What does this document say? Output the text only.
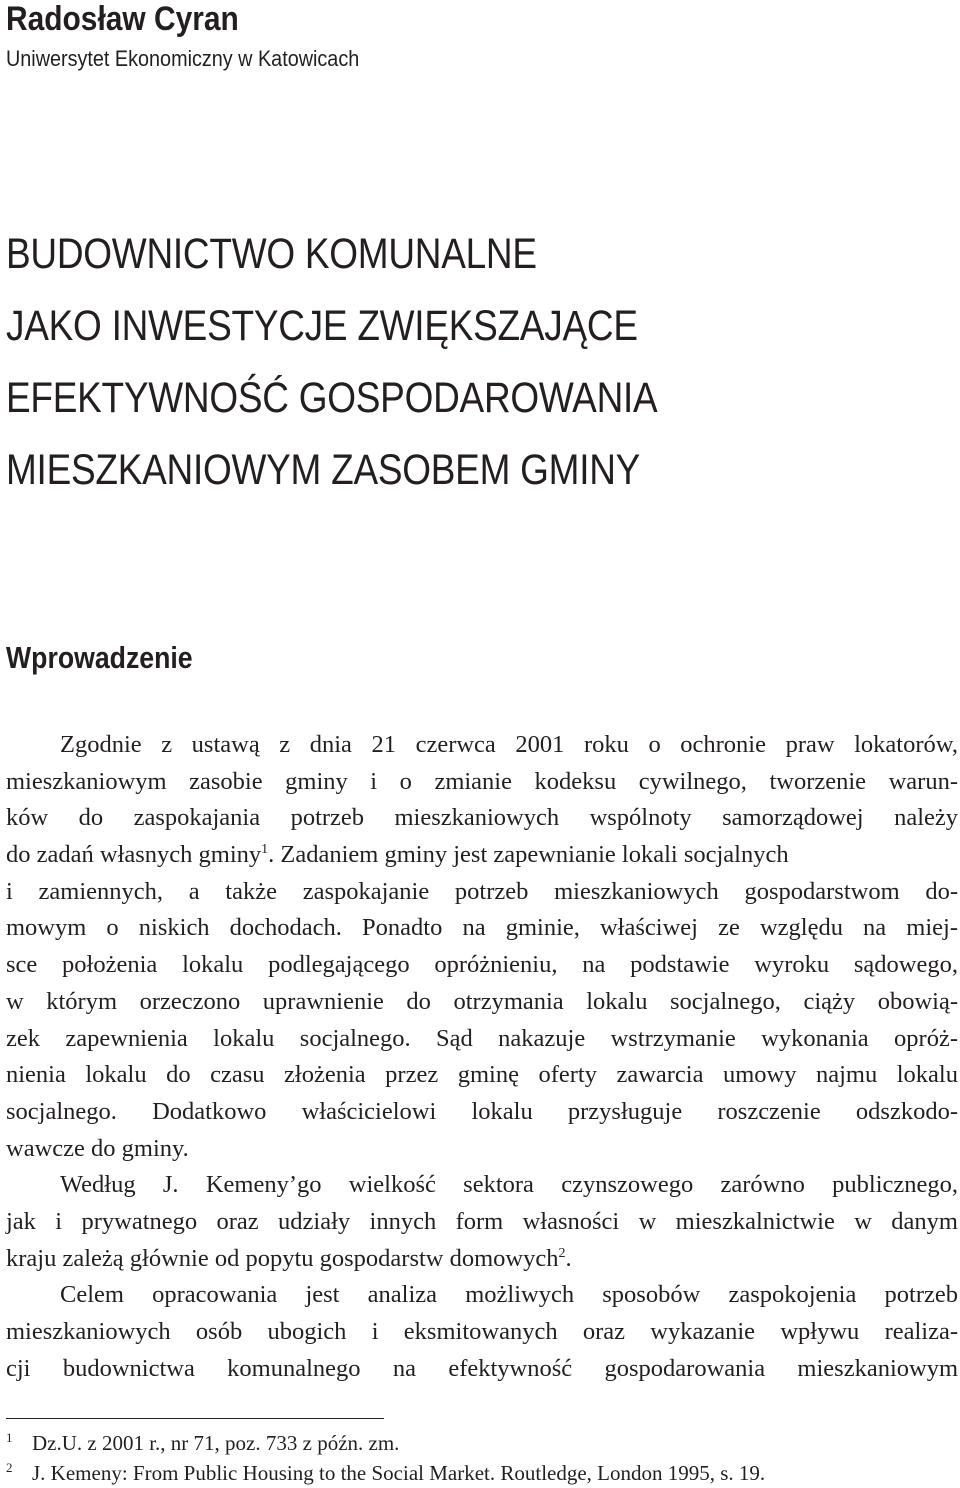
Radosław Cyran
Uniwersytet Ekonomiczny w Katowicach
BUDOWNICTWO KOMUNALNE
JAKO INWESTYCJE ZWIĘKSZAJĄCE
EFEKTYWNOŚĆ GOSPODAROWANIA
MIESZKANIOWYM ZASOBEM GMINY
Wprowadzenie
Zgodnie z ustawą z dnia 21 czerwca 2001 roku o ochronie praw lokatorów,
mieszkaniowym zasobie gminy i o zmianie kodeksu cywilnego, tworzenie warun-
ków do zaspokajania potrzeb mieszkaniowych wspólnoty samorządowej należy
do zadań własnych gminy$^1$. Zadaniem gminy jest zapewnianie lokali socjalnych
i zamiennych, a także zaspokajanie potrzeb mieszkaniowych gospodarstwom do-
mowym o niskich dochodach. Ponadto na gminie, właściwej ze względu na miej-
sce położenia lokalu podlegającego opróżnieniu, na podstawie wyroku sądowego,
w którym orzeczono uprawnienie do otrzymania lokalu socjalnego, ciąży obowią-
zek zapewnienia lokalu socjalnego. Sąd nakazuje wstrzymanie wykonania opróż-
nienia lokalu do czasu złożenia przez gminę oferty zawarcia umowy najmu lokalu
socjalnego. Dodatkowo właścicielowi lokalu przysługuje roszczenie odszkodo-
wawcze do gminy.
Według J. Kemeny’go wielkość sektora czynszowego zarówno publicznego,
jak i prywatnego oraz udziały innych form własności w mieszkalnictwie w danym
kraju zależą głównie od popytu gospodarstw domowych$^2$.
Celem opracowania jest analiza możliwych sposobów zaspokojenia potrzeb
mieszkaniowych osób ubogich i eksmitowanych oraz wykazanie wpływu realiza-
cji budownictwa komunalnego na efektywność gospodarowania mieszkaniowym
1 Dz.U. z 2001 r., nr 71, poz. 733 z późn. zm.
2 J. Kemeny: From Public Housing to the Social Market. Routledge, London 1995, s. 19.
